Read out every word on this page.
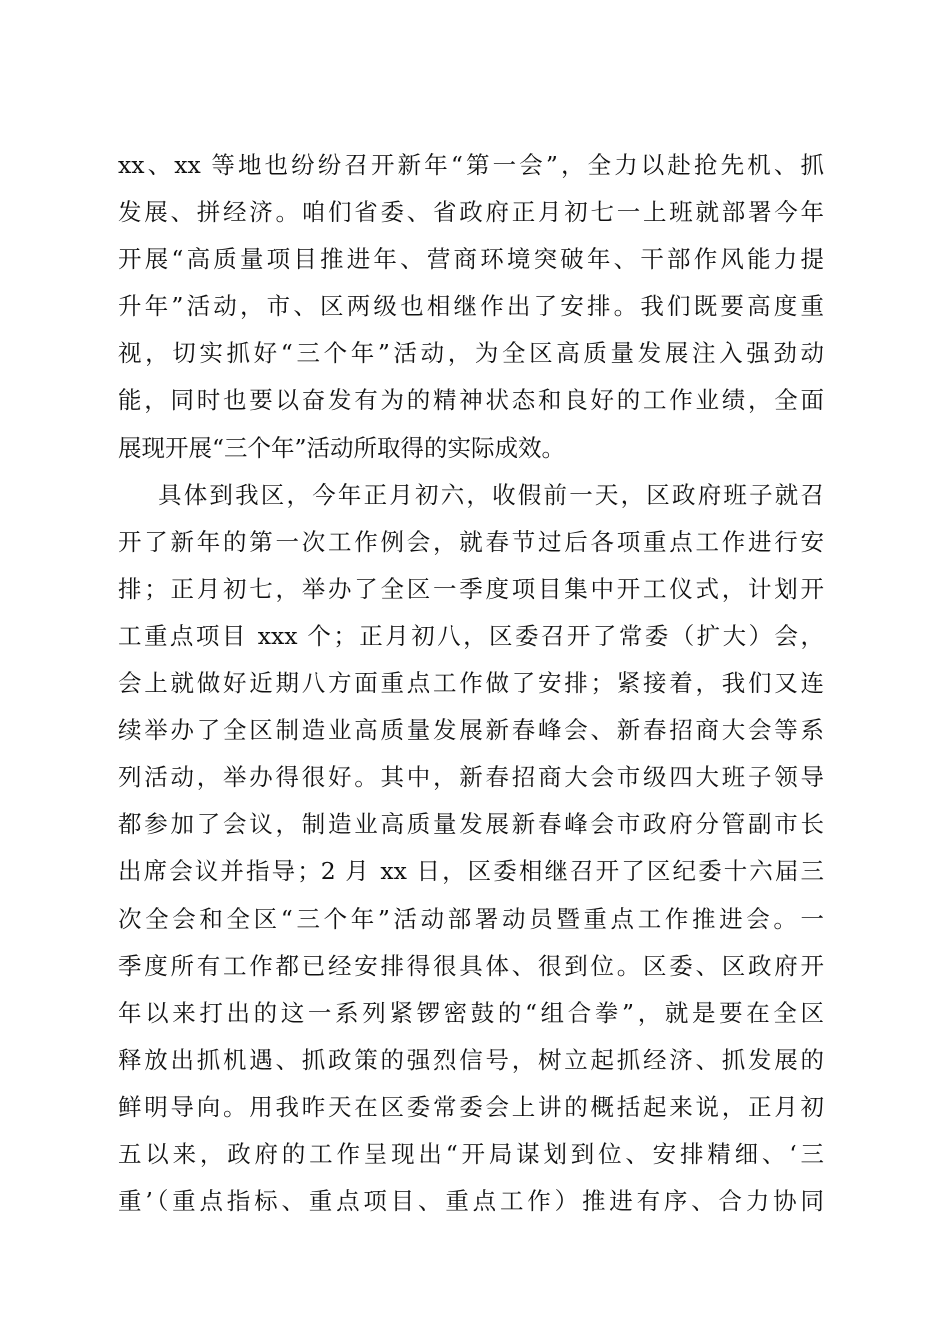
xx、xx 等地也纷纷召开新年“第一会”，全力以赴抢先机、抓
发展、拼经济。咱们省委、省政府正月初七一上班就部署今年
开展“高质量项目推进年、营商环境突破年、干部作风能力提
升年”活动，市、区两级也相继作出了安排。我们既要高度重
视，切实抓好“三个年”活动，为全区高质量发展注入强劲动
能，同时也要以奋发有为的精神状态和良好的工作业绩，全面
展现开展“三个年”活动所取得的实际成效。
具体到我区，今年正月初六，收假前一天，区政府班子就召
开了新年的第一次工作例会，就春节过后各项重点工作进行安
排；正月初七，举办了全区一季度项目集中开工仪式，计划开
工重点项目 xxx 个；正月初八，区委召开了常委（扩大）会，
会上就做好近期八方面重点工作做了安排；紧接着，我们又连
续举办了全区制造业高质量发展新春峰会、新春招商大会等系
列活动，举办得很好。其中，新春招商大会市级四大班子领导
都参加了会议，制造业高质量发展新春峰会市政府分管副市长
出席会议并指导；2 月 xx 日，区委相继召开了区纪委十六届三
次全会和全区“三个年”活动部署动员暨重点工作推进会。一
季度所有工作都已经安排得很具体、很到位。区委、区政府开
年以来打出的这一系列紧锣密鼓的“组合拳”，就是要在全区
释放出抓机遇、抓政策的强烈信号，树立起抓经济、抓发展的
鲜明导向。用我昨天在区委常委会上讲的概括起来说，正月初
五以来，政府的工作呈现出“开局谋划到位、安排精细、‘三
重’（重点指标、重点项目、重点工作）推进有序、合力协同
